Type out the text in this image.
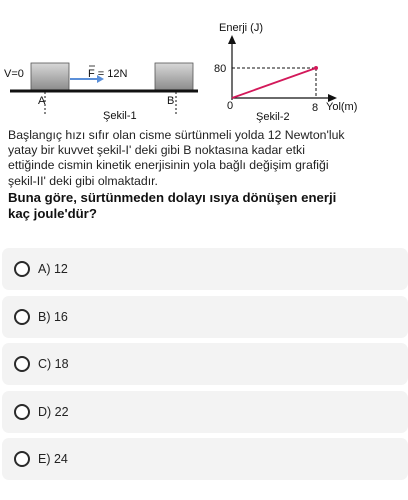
V=0	F = 12N
A	B
Şekil-1
Enerji (J)
80
0	8 Yol(m)
Şekil-2

Başlangıç hızı sıfır olan cisme sürtünmeli yolda 12 Newton'luk yatay bir kuvvet şekil-I' deki gibi B noktasına kadar etki ettiğinde cismin kinetik enerjisinin yola bağlı değişim grafiği şekil-II' deki gibi olmaktadır.

Buna göre, sürtünmeden dolayı ısıya dönüşen enerji kaç joule'dür?

A) 12
B) 16
C) 18
D) 22
E) 24
